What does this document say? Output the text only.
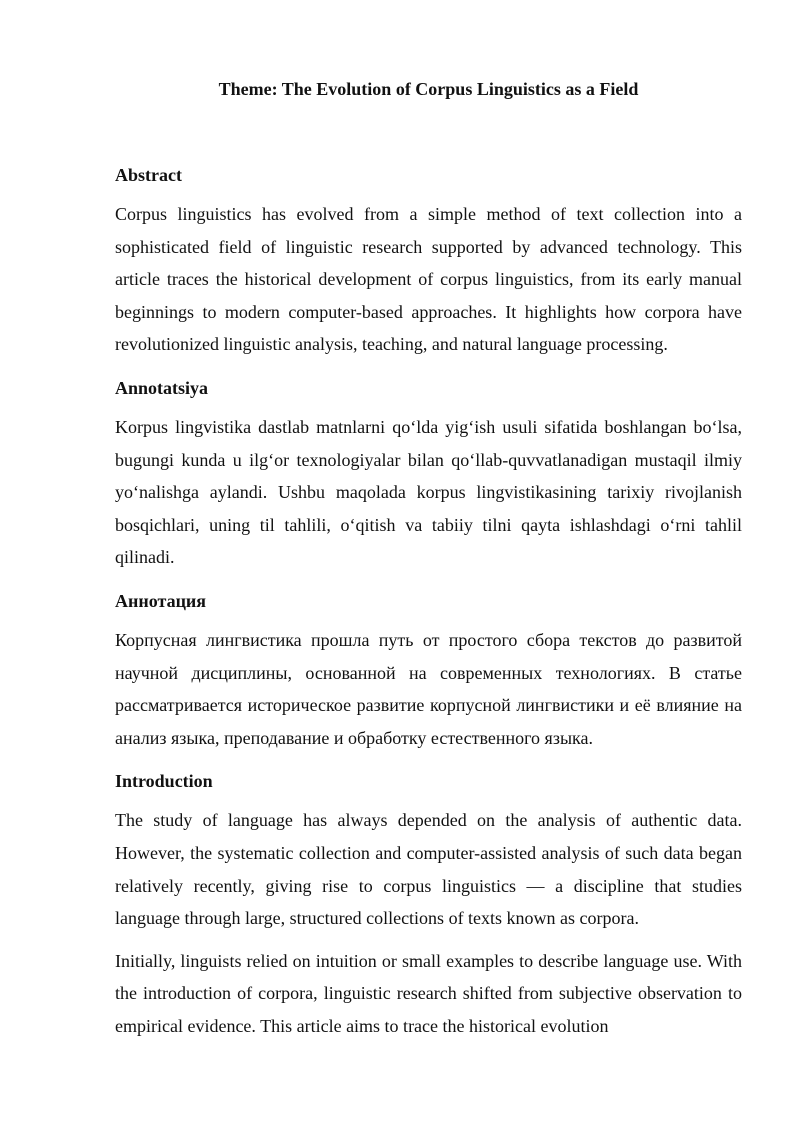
Theme: The Evolution of Corpus Linguistics as a Field
Abstract

Corpus linguistics has evolved from a simple method of text collection into a sophisticated field of linguistic research supported by advanced technology. This article traces the historical development of corpus linguistics, from its early manual beginnings to modern computer-based approaches. It highlights how corpora have revolutionized linguistic analysis, teaching, and natural language processing.

Annotatsiya

Korpus lingvistika dastlab matnlarni qo‘lda yig‘ish usuli sifatida boshlangan bo‘lsa, bugungi kunda u ilg‘or texnologiyalar bilan qo‘llab-quvvatlanadigan mustaqil ilmiy yo‘nalishga aylandi. Ushbu maqolada korpus lingvistikasining tarixiy rivojlanish bosqichlari, uning til tahlili, o‘qitish va tabiiy tilni qayta ishlashdagi o‘rni tahlil qilinadi.

Аннотация

Корпусная лингвистика прошла путь от простого сбора текстов до развитой научной дисциплины, основанной на современных технологиях. В статье рассматривается историческое развитие корпусной лингвистики и её влияние на анализ языка, преподавание и обработку естественного языка.

Introduction

The study of language has always depended on the analysis of authentic data. However, the systematic collection and computer-assisted analysis of such data began relatively recently, giving rise to corpus linguistics — a discipline that studies language through large, structured collections of texts known as corpora.

Initially, linguists relied on intuition or small examples to describe language use. With the introduction of corpora, linguistic research shifted from subjective observation to empirical evidence. This article aims to trace the historical evolution
